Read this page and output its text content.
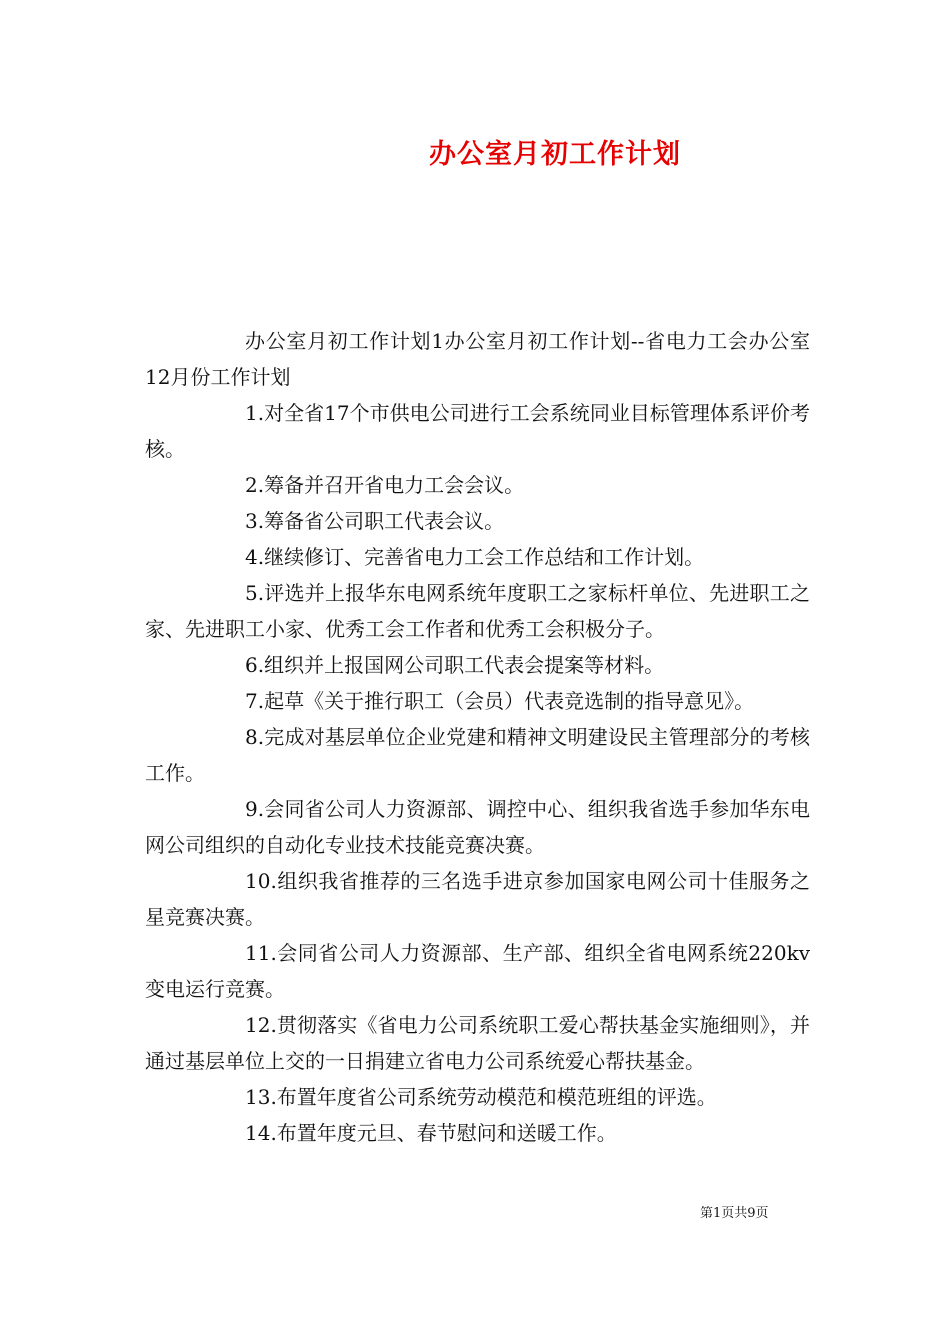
办公室月初工作计划

办公室月初工作计划1办公室月初工作计划--省电力工会办公室12月份工作计划

1.对全省17个市供电公司进行工会系统同业目标管理体系评价考核。

2.筹备并召开省电力工会会议。

3.筹备省公司职工代表会议。

4.继续修订、完善省电力工会工作总结和工作计划。

5.评选并上报华东电网系统年度职工之家标杆单位、先进职工之家、先进职工小家、优秀工会工作者和优秀工会积极分子。

6.组织并上报国网公司职工代表会提案等材料。

7.起草《关于推行职工（会员）代表竞选制的指导意见》。

8.完成对基层单位企业党建和精神文明建设民主管理部分的考核工作。

9.会同省公司人力资源部、调控中心、组织我省选手参加华东电网公司组织的自动化专业技术技能竞赛决赛。

10.组织我省推荐的三名选手进京参加国家电网公司十佳服务之星竞赛决赛。

11.会同省公司人力资源部、生产部、组织全省电网系统220kv变电运行竞赛。

12.贯彻落实《省电力公司系统职工爱心帮扶基金实施细则》，并通过基层单位上交的一日捐建立省电力公司系统爱心帮扶基金。

13.布置年度省公司系统劳动模范和模范班组的评选。

14.布置年度元旦、春节慰问和送暖工作。

第1页共9页
